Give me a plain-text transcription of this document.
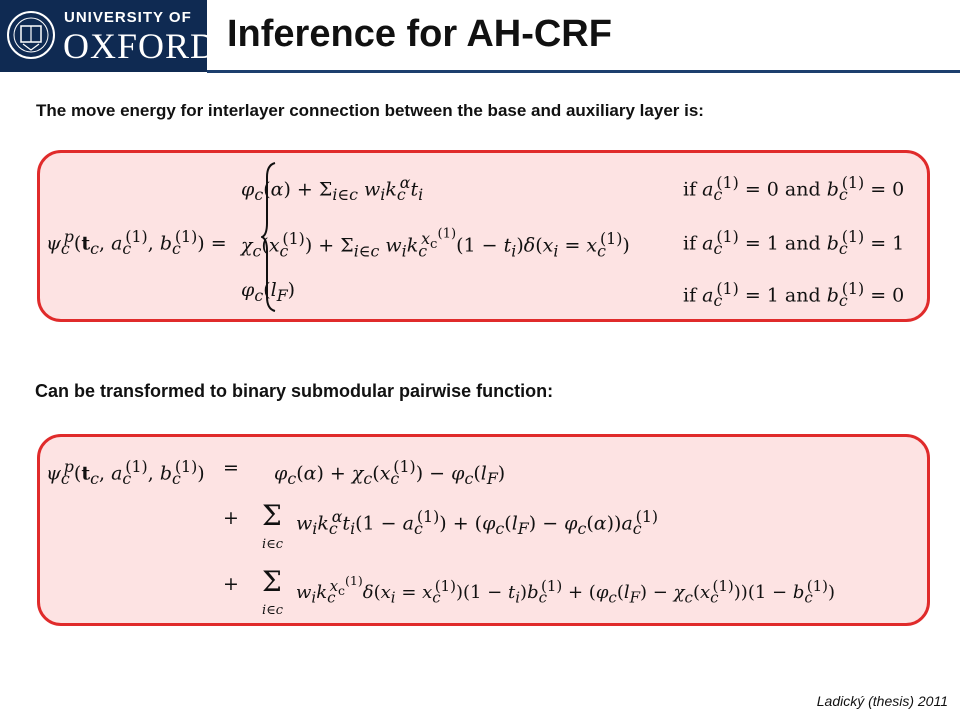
UNIVERSITY OF
OXFORD Inference for AH-CRF
The move energy for interlayer connection between the base and auxiliary layer is:
$\psi_c^p(t_c$, $a_c^{(1)}$, $b_c^{(1)}$) =
$\varphi_c(\alpha) + \Sigma_{i\in c}$ $w_ik_c^\alpha t_i$
$\chi_c(x_c^{(1)}) + \Sigma_{i\in c}$ $w_ik_c^{x_c^{(1)}}(1 - t_i)\delta(x_i = x_c^{(1)})$
$\varphi_c(l_F)$
if $a_c^{(1)} = 0$ and $b_c^{(1)} = 0$
if $a_c^{(1)} = 1$ and $b_c^{(1)} = 1$
if $a_c^{(1)} = 1$ and $b_c^{(1)} = 0$
Can be transformed to binary submodular pairwise function:
$\psi_c^p(t_c$, $a_c^{(1)}$, $b_c^{(1)}) = \varphi_c(\alpha) + \chi_c(x_c^{(1)}) - \varphi_c(l_F)$
+ Σ
i∈c
$w_ik_c^\alpha t_i(1 - a_c^{(1)}) + (\varphi_c(l_F) - \varphi_c(\alpha))a_c^{(1)}$
+ Σ
i∈c
$w_ik_c^{x_c^{(1)}}\delta(x_i = x_c^{(1)})(1 - t_i)b_c^{(1)} + (\varphi_c(l_F) - \chi_c(x_c^{(1)}))(1 - b_c^{(1)})$
Ladický (thesis) 2011
